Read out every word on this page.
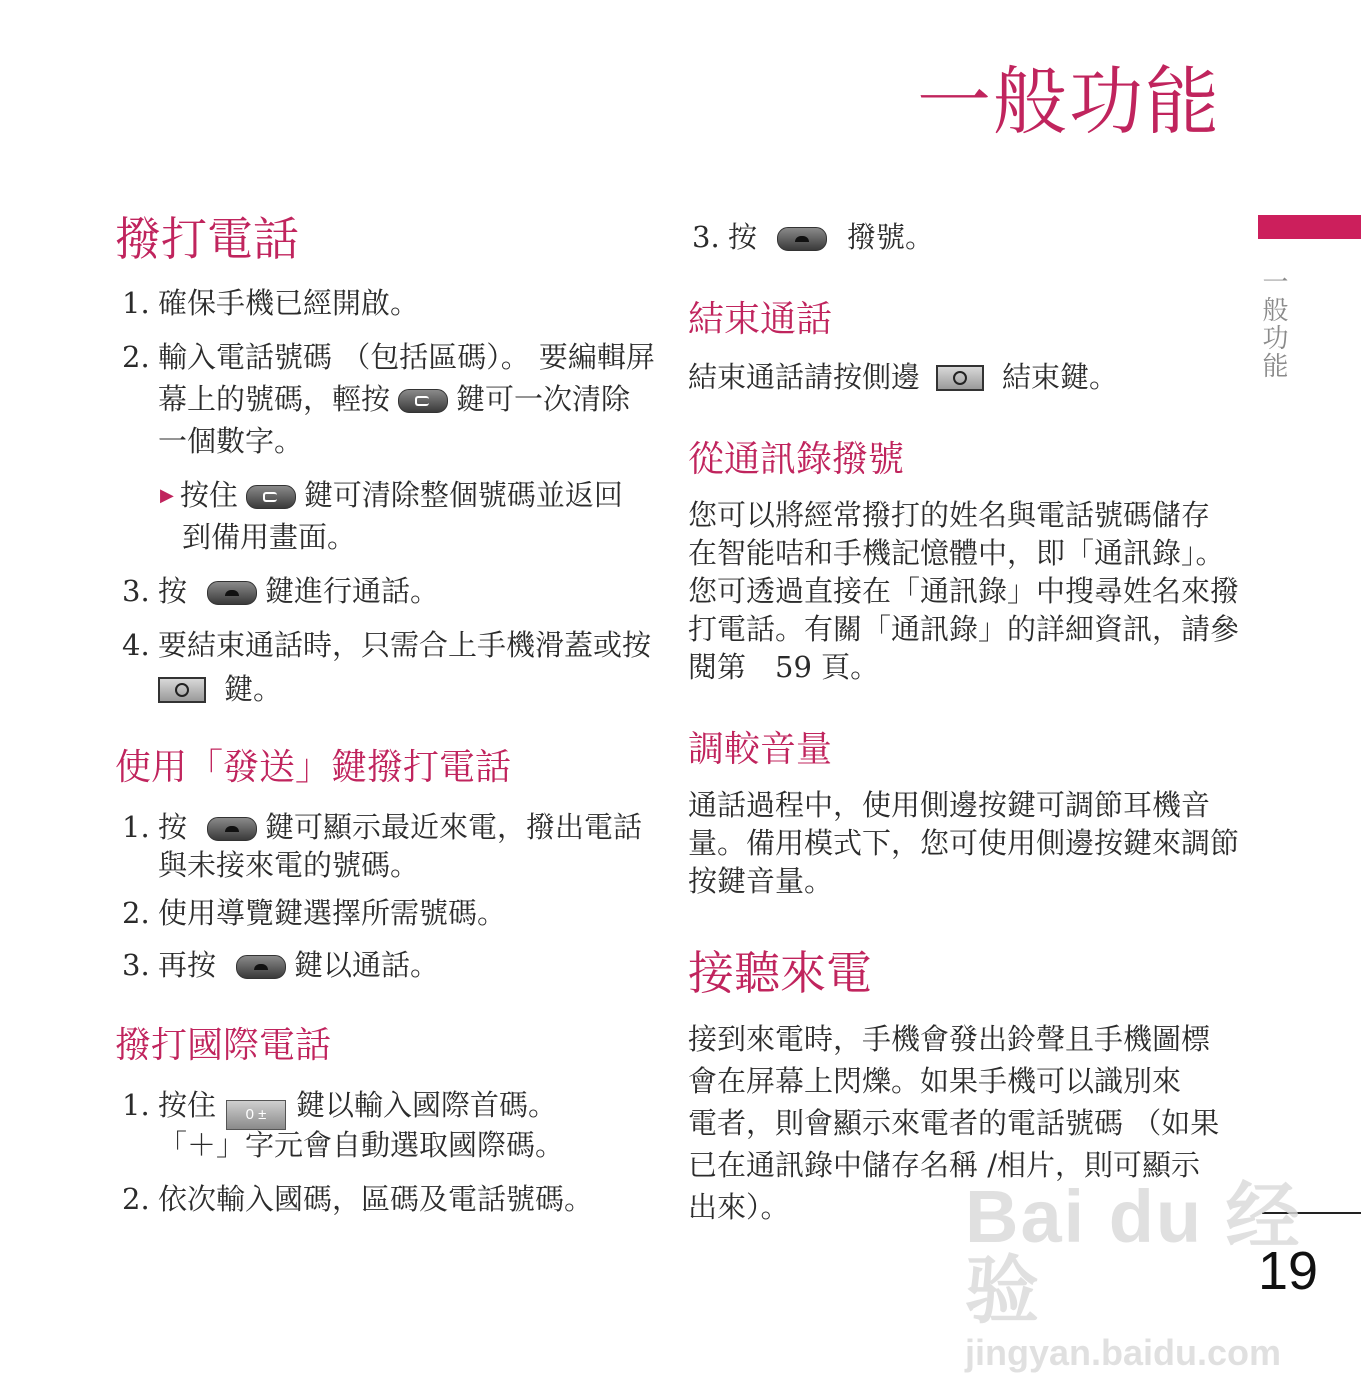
一般功能
一般功能
撥打電話
1. 確保手機已經開啟。
2. 輸入電話號碼 （包括區碼）。 要編輯屏
幕上的號碼，輕按 鍵可一次清除
一個數字。
▶ 按住 鍵可清除整個號碼並返回
到備用畫面。
3. 按	鍵進行通話。
4. 要結束通話時，只需合上手機滑蓋或按
鍵。
使用「發送」鍵撥打電話
1. 按	鍵可顯示最近來電，撥出電話
與未接來電的號碼。
2. 使用導覽鍵選擇所需號碼。
3. 再按	鍵以通話。
撥打國際電話
1. 按住 0 ± 鍵以輸入國際首碼。
「＋」字元會自動選取國際碼。
2. 依次輸入國碼，區碼及電話號碼。
3. 按	撥號。
結束通話
結束通話請按側邊	結束鍵。
從通訊錄撥號
您可以將經常撥打的姓名與電話號碼儲存
在智能咭和手機記憶體中，即「通訊錄」。
您可透過直接在「通訊錄」中搜尋姓名來撥
打電話。有關「通訊錄」的詳細資訊，請參
閱第　59 頁。
調較音量
通話過程中，使用側邊按鍵可調節耳機音
量。備用模式下，您可使用側邊按鍵來調節
按鍵音量。
接聽來電
接到來電時，手機會發出鈴聲且手機圖標
會在屏幕上閃爍。如果手機可以識別來
電者，則會顯示來電者的電話號碼 （如果
已在通訊錄中儲存名稱 /相片，則可顯示
出來）。
19
Bai du 经验
jingyan.baidu.com
